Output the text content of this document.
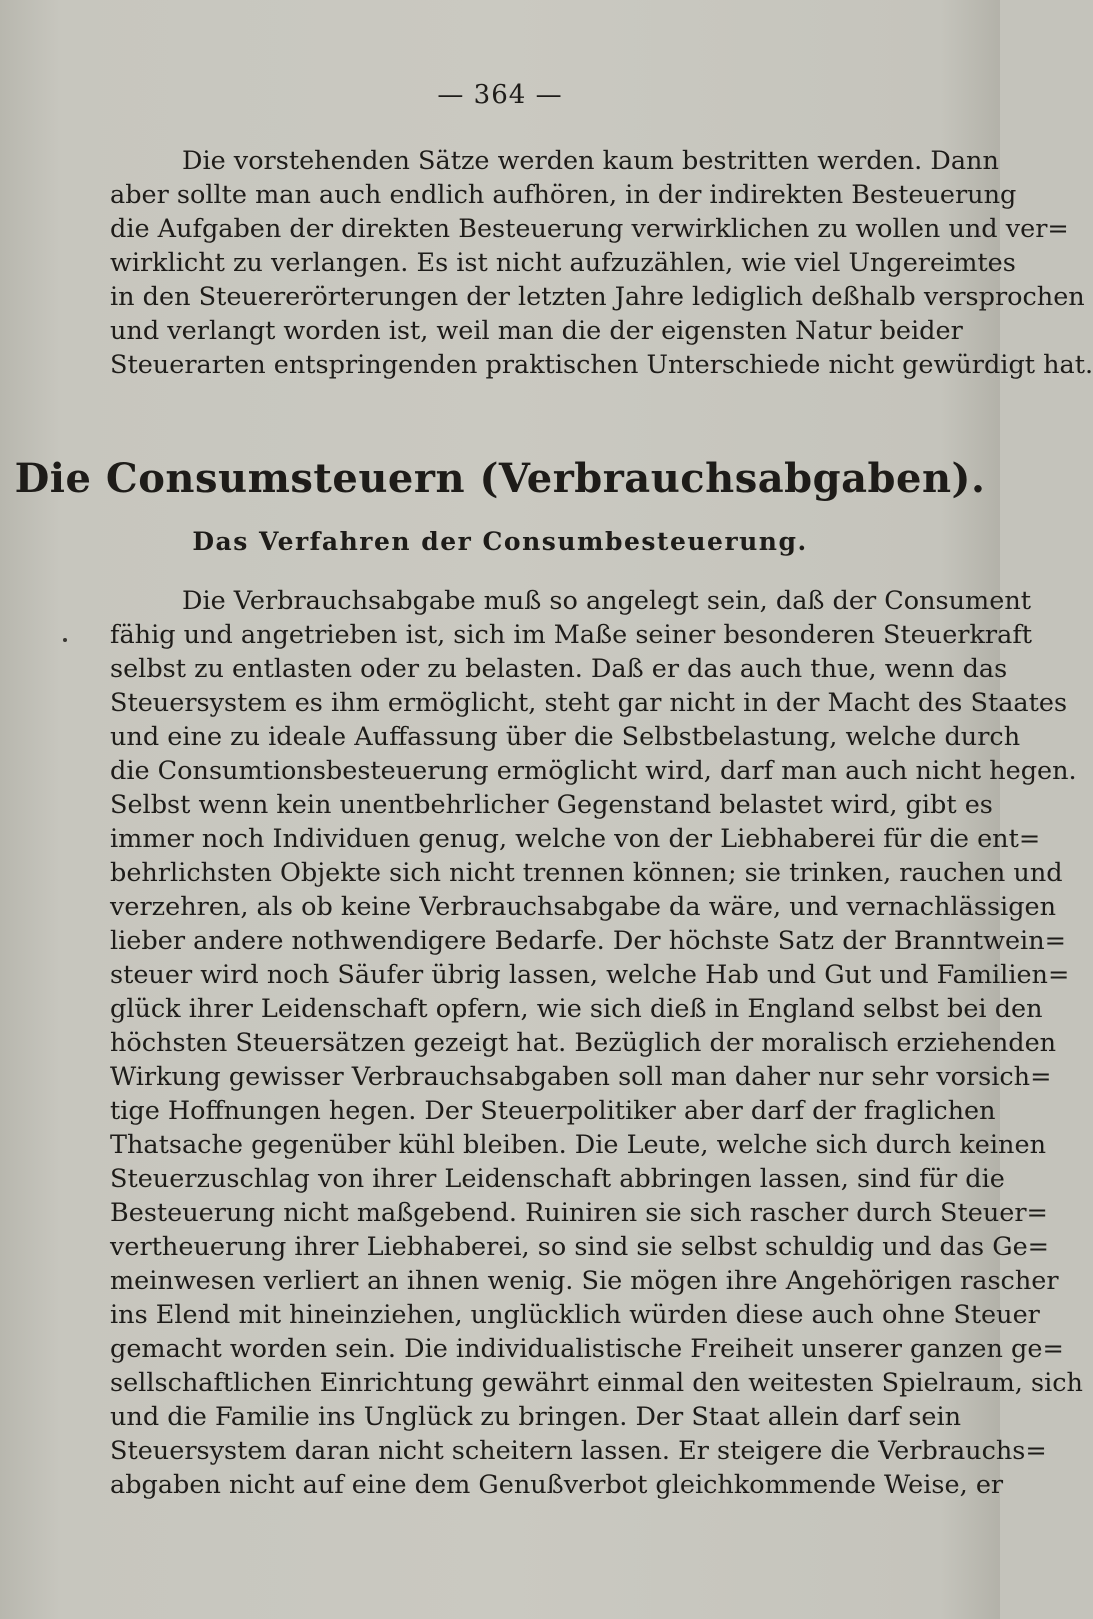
— 364 —
Die vorstehenden Sätze werden kaum bestritten werden. Dann
aber sollte man auch endlich aufhören, in der indirekten Besteuerung
die Aufgaben der direkten Besteuerung verwirklichen zu wollen und ver=
wirklicht zu verlangen. Es ist nicht aufzuzählen, wie viel Ungereimtes
in den Steuererörterungen der letzten Jahre lediglich deßhalb versprochen
und verlangt worden ist, weil man die der eigensten Natur beider
Steuerarten entspringenden praktischen Unterschiede nicht gewürdigt hat.
Die Consumsteuern (Verbrauchsabgaben).
Das Verfahren der Consumbesteuerung.
Die Verbrauchsabgabe muß so angelegt sein, daß der Consument
fähig und angetrieben ist, sich im Maße seiner besonderen Steuerkraft
selbst zu entlasten oder zu belasten. Daß er das auch thue, wenn das
Steuersystem es ihm ermöglicht, steht gar nicht in der Macht des Staates
und eine zu ideale Auffassung über die Selbstbelastung, welche durch
die Consumtionsbesteuerung ermöglicht wird, darf man auch nicht hegen.
Selbst wenn kein unentbehrlicher Gegenstand belastet wird, gibt es
immer noch Individuen genug, welche von der Liebhaberei für die ent=
behrlichsten Objekte sich nicht trennen können; sie trinken, rauchen und
verzehren, als ob keine Verbrauchsabgabe da wäre, und vernachlässigen
lieber andere nothwendigere Bedarfe. Der höchste Satz der Branntwein=
steuer wird noch Säufer übrig lassen, welche Hab und Gut und Familien=
glück ihrer Leidenschaft opfern, wie sich dieß in England selbst bei den
höchsten Steuersätzen gezeigt hat. Bezüglich der moralisch erziehenden
Wirkung gewisser Verbrauchsabgaben soll man daher nur sehr vorsich=
tige Hoffnungen hegen. Der Steuerpolitiker aber darf der fraglichen
Thatsache gegenüber kühl bleiben. Die Leute, welche sich durch keinen
Steuerzuschlag von ihrer Leidenschaft abbringen lassen, sind für die
Besteuerung nicht maßgebend. Ruiniren sie sich rascher durch Steuer=
vertheuerung ihrer Liebhaberei, so sind sie selbst schuldig und das Ge=
meinwesen verliert an ihnen wenig. Sie mögen ihre Angehörigen rascher
ins Elend mit hineinziehen, unglücklich würden diese auch ohne Steuer
gemacht worden sein. Die individualistische Freiheit unserer ganzen ge=
sellschaftlichen Einrichtung gewährt einmal den weitesten Spielraum, sich
und die Familie ins Unglück zu bringen. Der Staat allein darf sein
Steuersystem daran nicht scheitern lassen. Er steigere die Verbrauchs=
abgaben nicht auf eine dem Genußverbot gleichkommende Weise, er
